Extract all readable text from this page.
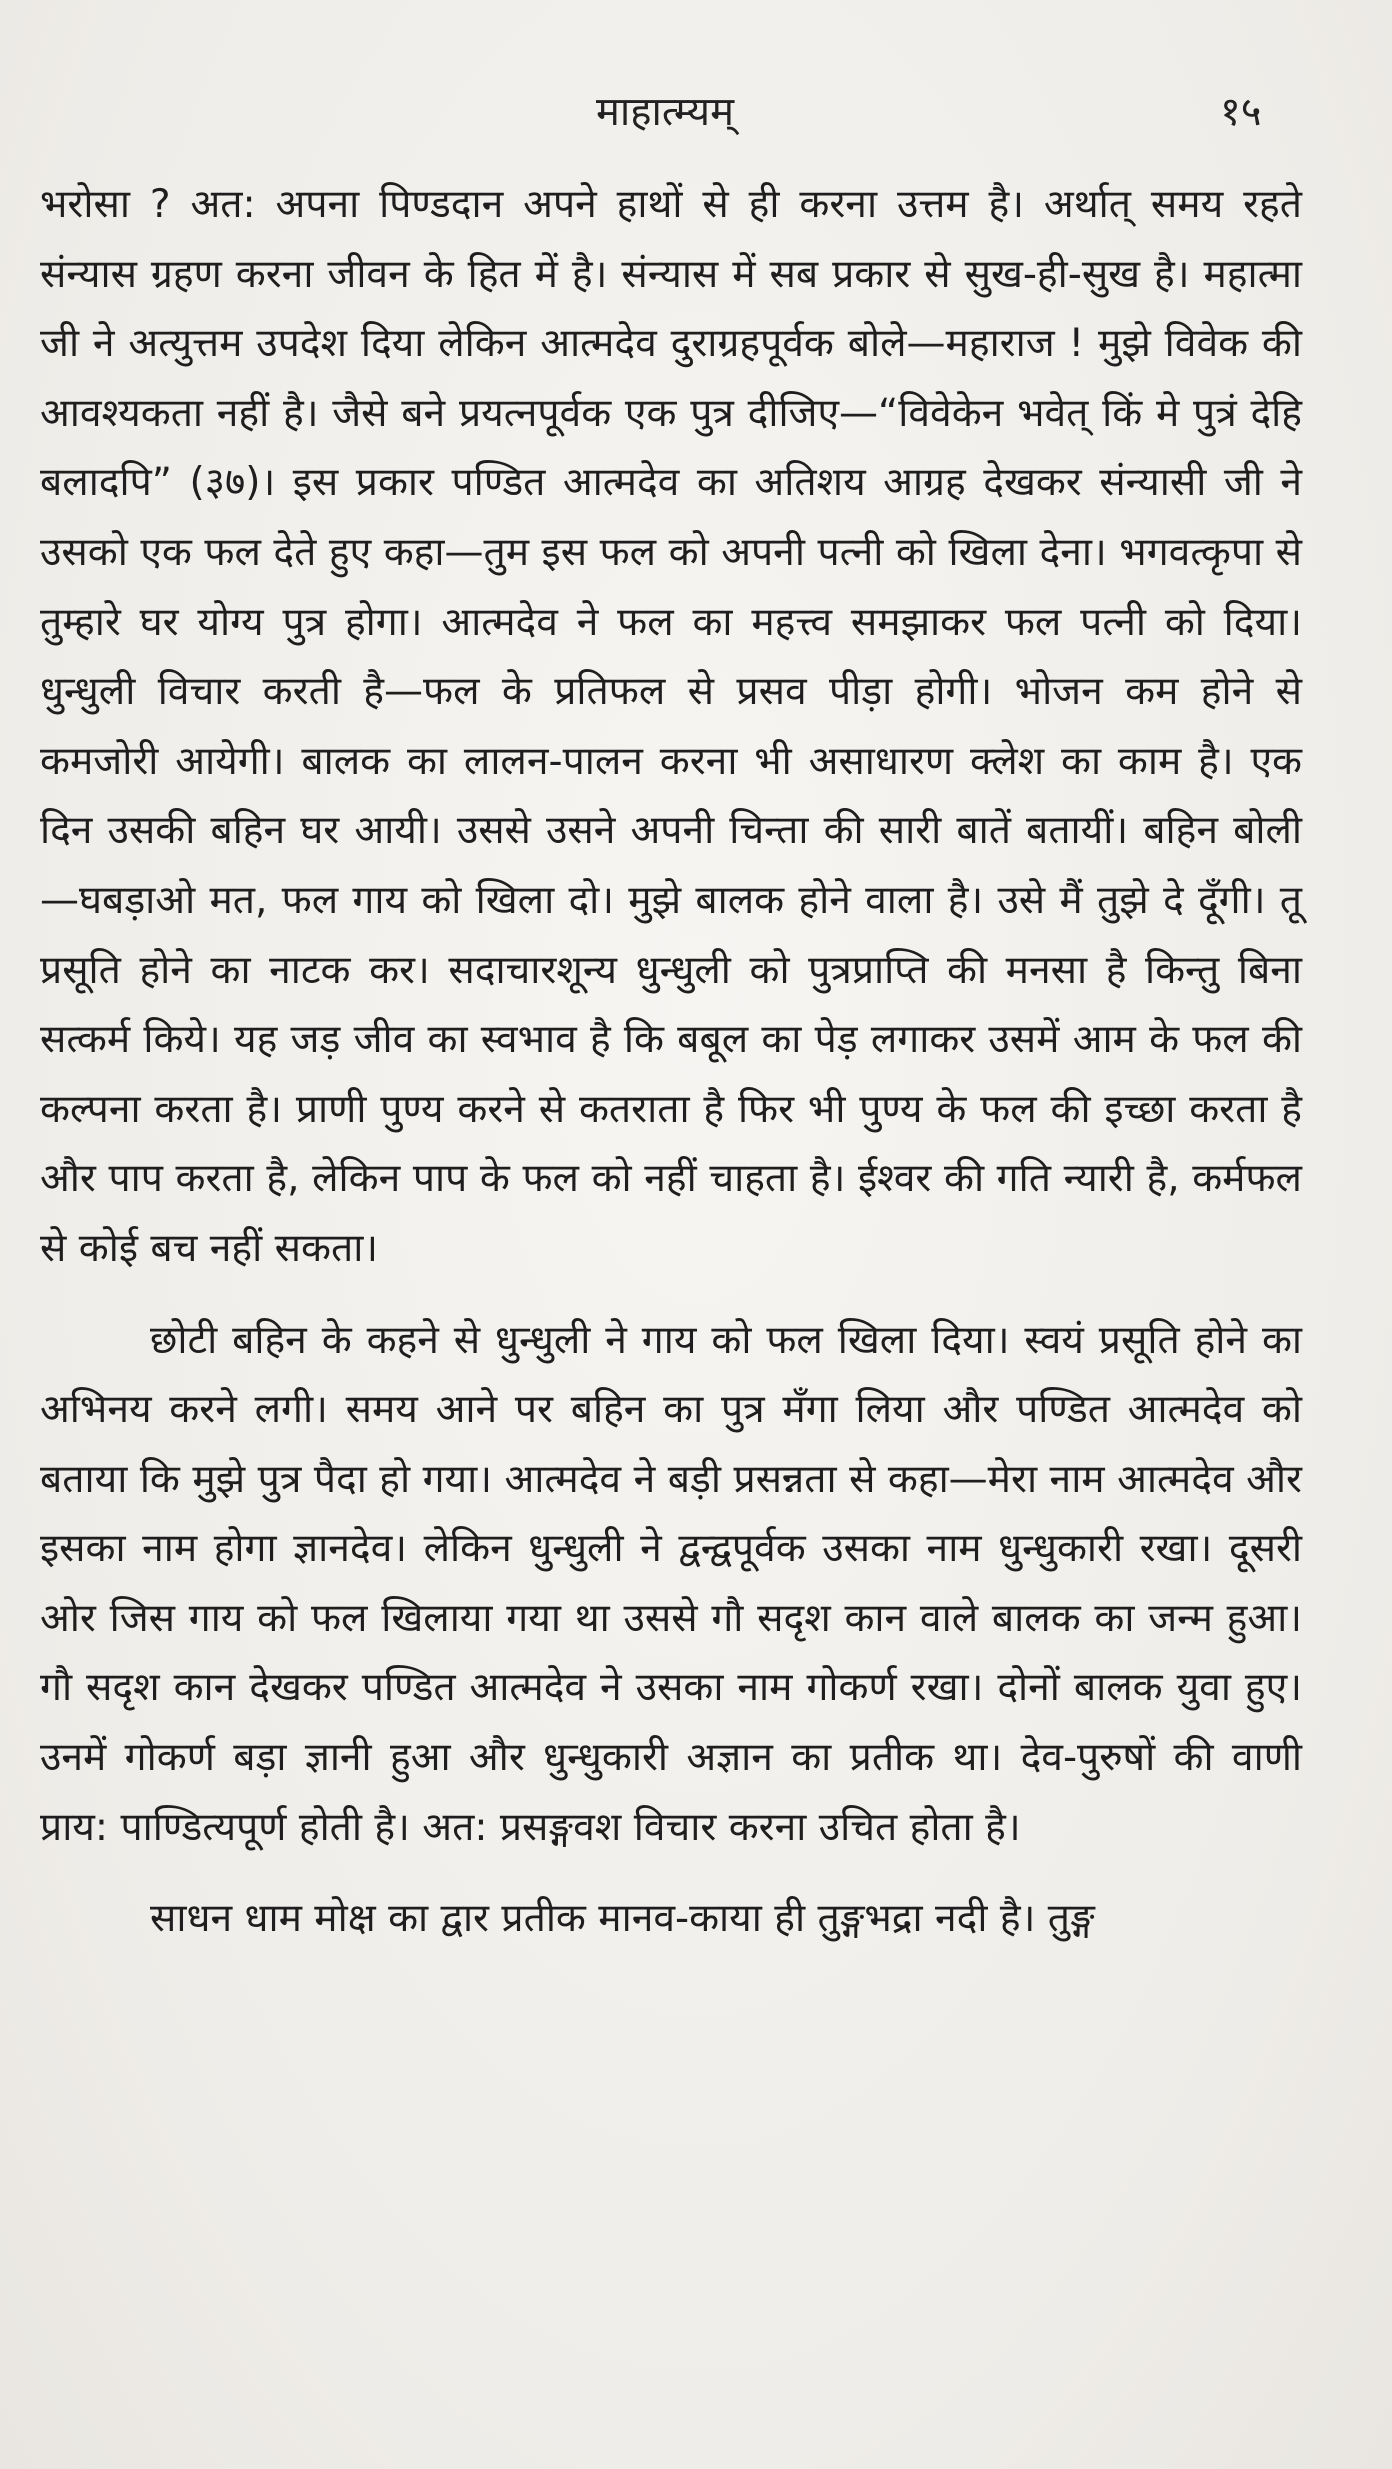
माहात्म्यम्	१५

भरोसा ? अत: अपना पिण्डदान अपने हाथों से ही करना उत्तम है। अर्थात् समय रहते संन्यास ग्रहण करना जीवन के हित में है। संन्यास में सब प्रकार से सुख-ही-सुख है। महात्मा जी ने अत्युत्तम उपदेश दिया लेकिन आत्मदेव दुराग्रहपूर्वक बोले—महाराज ! मुझे विवेक की आवश्यकता नहीं है। जैसे बने प्रयत्नपूर्वक एक पुत्र दीजिए—“विवेकेन भवेत् किं मे पुत्रं देहि बलादपि” (३७)। इस प्रकार पण्डित आत्मदेव का अतिशय आग्रह देखकर संन्यासी जी ने उसको एक फल देते हुए कहा—तुम इस फल को अपनी पत्नी को खिला देना। भगवत्कृपा से तुम्हारे घर योग्य पुत्र होगा। आत्मदेव ने फल का महत्त्व समझाकर फल पत्नी को दिया। धुन्धुली विचार करती है—फल के प्रतिफल से प्रसव पीड़ा होगी। भोजन कम होने से कमजोरी आयेगी। बालक का लालन-पालन करना भी असाधारण क्लेश का काम है। एक दिन उसकी बहिन घर आयी। उससे उसने अपनी चिन्ता की सारी बातें बतायीं। बहिन बोली—घबड़ाओ मत, फल गाय को खिला दो। मुझे बालक होने वाला है। उसे मैं तुझे दे दूँगी। तू प्रसूति होने का नाटक कर। सदाचारशून्य धुन्धुली को पुत्रप्राप्ति की मनसा है किन्तु बिना सत्कर्म किये। यह जड़ जीव का स्वभाव है कि बबूल का पेड़ लगाकर उसमें आम के फल की कल्पना करता है। प्राणी पुण्य करने से कतराता है फिर भी पुण्य के फल की इच्छा करता है और पाप करता है, लेकिन पाप के फल को नहीं चाहता है। ईश्वर की गति न्यारी है, कर्मफल से कोई बच नहीं सकता।

छोटी बहिन के कहने से धुन्धुली ने गाय को फल खिला दिया। स्वयं प्रसूति होने का अभिनय करने लगी। समय आने पर बहिन का पुत्र मँगा लिया और पण्डित आत्मदेव को बताया कि मुझे पुत्र पैदा हो गया। आत्मदेव ने बड़ी प्रसन्नता से कहा—मेरा नाम आत्मदेव और इसका नाम होगा ज्ञानदेव। लेकिन धुन्धुली ने द्वन्द्वपूर्वक उसका नाम धुन्धुकारी रखा। दूसरी ओर जिस गाय को फल खिलाया गया था उससे गौ सदृश कान वाले बालक का जन्म हुआ। गौ सदृश कान देखकर पण्डित आत्मदेव ने उसका नाम गोकर्ण रखा। दोनों बालक युवा हुए। उनमें गोकर्ण बड़ा ज्ञानी हुआ और धुन्धुकारी अज्ञान का प्रतीक था। देव-पुरुषों की वाणी प्राय: पाण्डित्यपूर्ण होती है। अत: प्रसङ्गवश विचार करना उचित होता है।

साधन धाम मोक्ष का द्वार प्रतीक मानव-काया ही तुङ्गभद्रा नदी है। तुङ्ग
